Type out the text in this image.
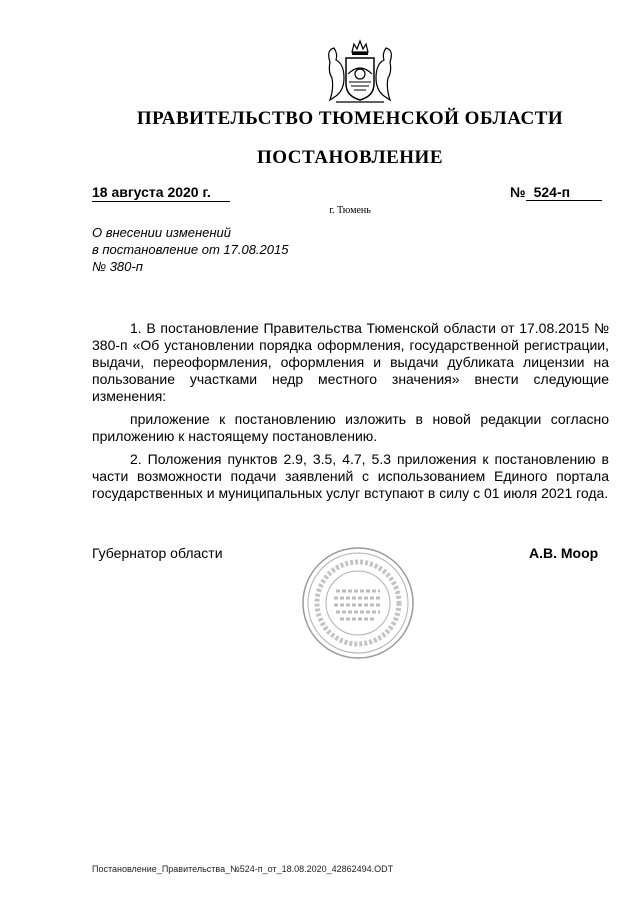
ПРАВИТЕЛЬСТВО ТЮМЕНСКОЙ ОБЛАСТИ
ПОСТАНОВЛЕНИЕ
18 августа 2020 г.	№ 524-п
г. Тюмень
О внесении изменений
в постановление от 17.08.2015
№ 380-п

1. В постановление Правительства Тюменской области от 17.08.2015 № 380-п «Об установлении порядка оформления, государственной регистрации, выдачи, переоформления, оформления и выдачи дубликата лицензии на пользование участками недр местного значения» внести следующие изменения:

приложение к постановлению изложить в новой редакции согласно приложению к настоящему постановлению.

2. Положения пунктов 2.9, 3.5, 4.7, 5.3 приложения к постановлению в части возможности подачи заявлений с использованием Единого портала государственных и муниципальных услуг вступают в силу с 01 июля 2021 года.

Губернатор области	А.В. Моор
Постановление_Правительства_№524-п_от_18.08.2020_42862494.ODT
